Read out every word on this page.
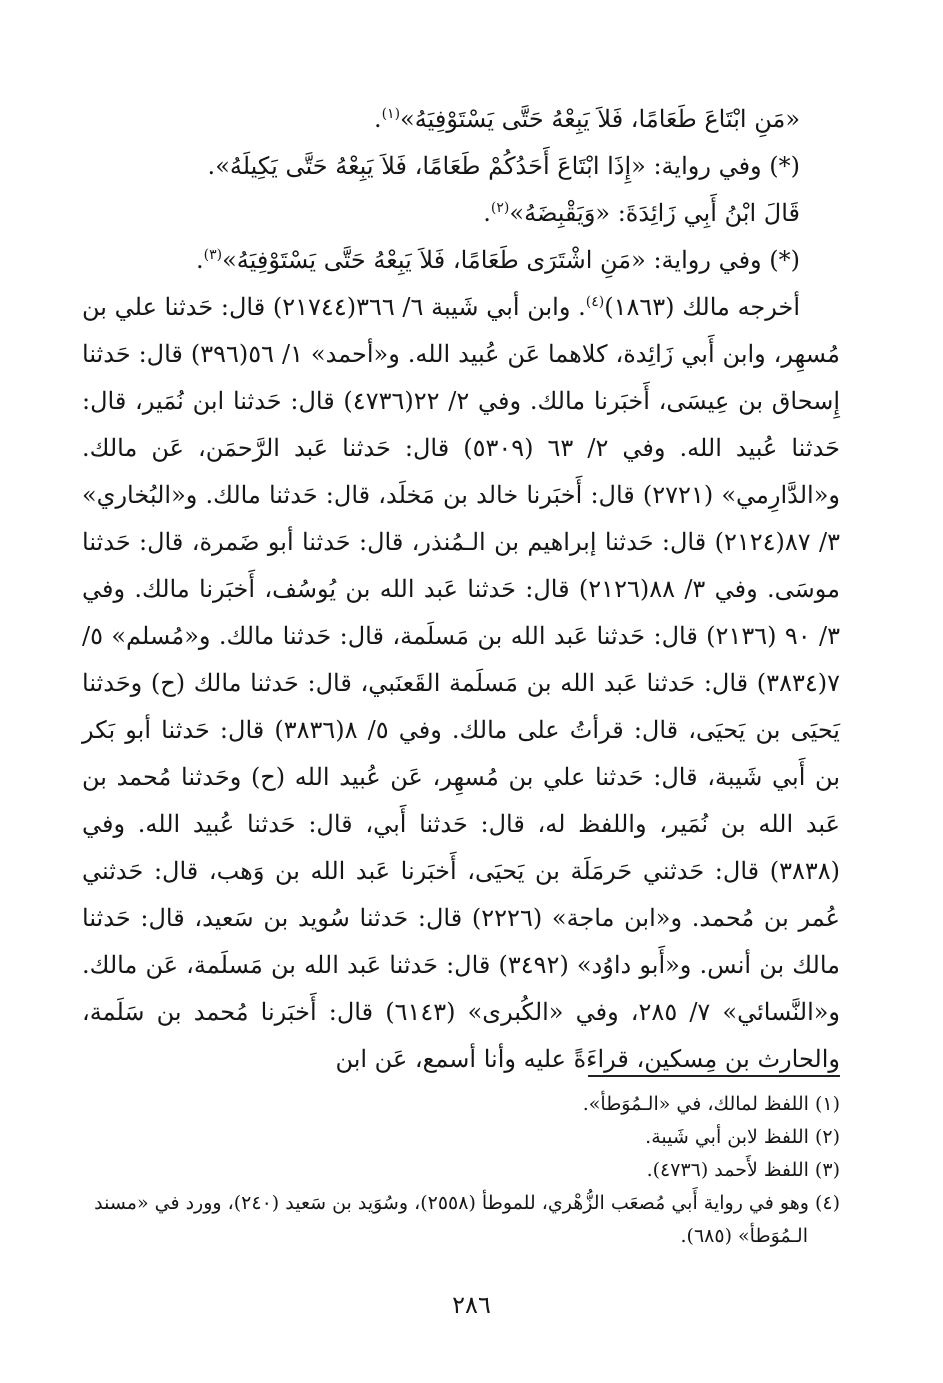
«مَنِ ابْتَاعَ طَعَامًا، فَلاَ يَبِعْهُ حَتَّى يَسْتَوْفِيَهُ»$^{(١)}$.

(*) وفي رواية: «إِذَا ابْتَاعَ أَحَدُكُمْ طَعَامًا، فَلاَ يَبِعْهُ حَتَّى يَكِيلَهُ».

قَالَ ابْنُ أَبِي زَائِدَةَ: «وَيَقْبِضَهُ»$^{(٢)}$.

(*) وفي رواية: «مَنِ اشْتَرَى طَعَامًا، فَلاَ يَبِعْهُ حَتَّى يَسْتَوْفِيَهُ»$^{(٣)}$.

أخرجه مالك (١٨٦٣)$^{(٤)}$. وابن أبي شَيبة ٦/ ٣٦٦(٢١٧٤٤) قال: حَدثنا علي بن مُسهِر، وابن أَبي زَائِدة، كلاهما عَن عُبيد الله. و«أحمد» ١/ ٥٦(٣٩٦) قال: حَدثنا إِسحاق بن عِيسَى، أَخبَرنا مالك. وفي ٢/ ٢٢(٤٧٣٦) قال: حَدثنا ابن نُمَير، قال: حَدثنا عُبيد الله. وفي ٢/ ٦٣ (٥٣٠٩) قال: حَدثنا عَبد الرَّحمَن، عَن مالك. و«الدَّارِمي» (٢٧٢١) قال: أَخبَرنا خالد بن مَخلَد، قال: حَدثنا مالك. و«البُخاري» ٣/ ٨٧(٢١٢٤) قال: حَدثنا إبراهيم بن الـمُنذر، قال: حَدثنا أبو ضَمرة، قال: حَدثنا موسَى. وفي ٣/ ٨٨(٢١٢٦) قال: حَدثنا عَبد الله بن يُوسُف، أَخبَرنا مالك. وفي ٣/ ٩٠ (٢١٣٦) قال: حَدثنا عَبد الله بن مَسلَمة، قال: حَدثنا مالك. و«مُسلم» ٥/ ٧(٣٨٣٤) قال: حَدثنا عَبد الله بن مَسلَمة القَعنَبي، قال: حَدثنا مالك (ح) وحَدثنا يَحيَى بن يَحيَى، قال: قرأتُ على مالك. وفي ٥/ ٨(٣٨٣٦) قال: حَدثنا أبو بَكر بن أَبي شَيبة، قال: حَدثنا علي بن مُسهِر، عَن عُبيد الله (ح) وحَدثنا مُحمد بن عَبد الله بن نُمَير، واللفظ له، قال: حَدثنا أَبي، قال: حَدثنا عُبيد الله. وفي (٣٨٣٨) قال: حَدثني حَرمَلَة بن يَحيَى، أَخبَرنا عَبد الله بن وَهب، قال: حَدثني عُمر بن مُحمد. و«ابن ماجة» (٢٢٢٦) قال: حَدثنا سُويد بن سَعيد، قال: حَدثنا مالك بن أنس. و«أَبو داوُد» (٣٤٩٢) قال: حَدثنا عَبد الله بن مَسلَمة، عَن مالك. و«النَّسائي» ٧/ ٢٨٥، وفي «الكُبرى» (٦١٤٣) قال: أَخبَرنا مُحمد بن سَلَمة، والحارث بن مِسكين، قراءَةً عليه وأنا أسمع، عَن ابن

(١) اللفظ لمالك، في «الـمُوَطأ».

(٢) اللفظ لابن أبي شَيبة.

(٣) اللفظ لأَحمد (٤٧٣٦).

(٤) وهو في رواية أَبي مُصعَب الزُّهْري، للموطأ (٢٥٥٨)، وسُوَيد بن سَعيد (٢٤٠)، وورد في «مسند الـمُوَطأ» (٦٨٥).

٢٨٦
